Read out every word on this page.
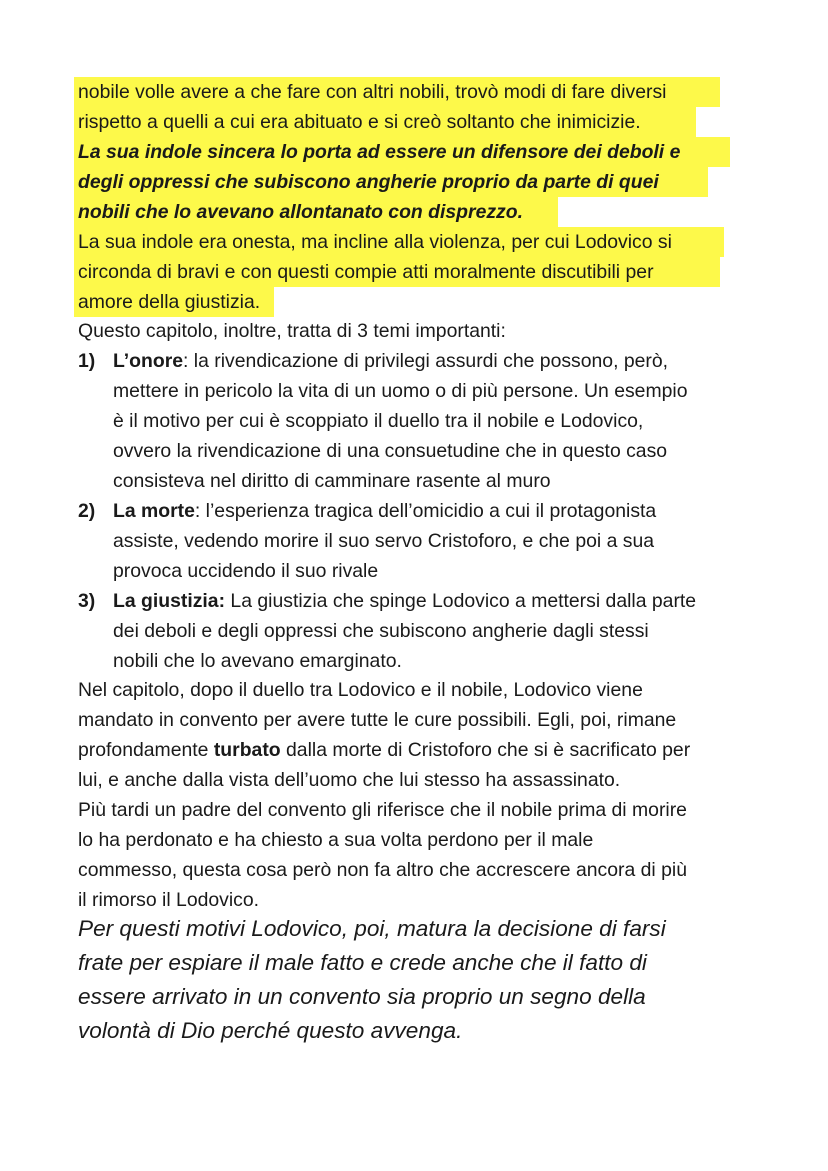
nobile volle avere a che fare con altri nobili, trovò modi di fare diversi
rispetto a quelli a cui era abituato e si creò soltanto che inimicizie.
La sua indole sincera lo porta ad essere un difensore dei deboli e
degli oppressi che subiscono angherie proprio da parte di quei
nobili che lo avevano allontanato con disprezzo.
La sua indole era onesta, ma incline alla violenza, per cui Lodovico si
circonda di bravi e con questi compie atti moralmente discutibili per
amore della giustizia.
Questo capitolo, inoltre, tratta di 3 temi importanti:
1) L’onore: la rivendicazione di privilegi assurdi che possono, però,
mettere in pericolo la vita di un uomo o di più persone. Un esempio
è il motivo per cui è scoppiato il duello tra il nobile e Lodovico,
ovvero la rivendicazione di una consuetudine che in questo caso
consisteva nel diritto di camminare rasente al muro
2) La morte: l’esperienza tragica dell’omicidio a cui il protagonista
assiste, vedendo morire il suo servo Cristoforo, e che poi a sua
provoca uccidendo il suo rivale
3) La giustizia: La giustizia che spinge Lodovico a mettersi dalla parte
dei deboli e degli oppressi che subiscono angherie dagli stessi
nobili che lo avevano emarginato.
Nel capitolo, dopo il duello tra Lodovico e il nobile, Lodovico viene
mandato in convento per avere tutte le cure possibili. Egli, poi, rimane
profondamente turbato dalla morte di Cristoforo che si è sacrificato per
lui, e anche dalla vista dell’uomo che lui stesso ha assassinato.
Più tardi un padre del convento gli riferisce che il nobile prima di morire
lo ha perdonato e ha chiesto a sua volta perdono per il male
commesso, questa cosa però non fa altro che accrescere ancora di più
il rimorso il Lodovico.
Per questi motivi Lodovico, poi, matura la decisione di farsi
frate per espiare il male fatto e crede anche che il fatto di
essere arrivato in un convento sia proprio un segno della
volontà di Dio perché questo avvenga.
